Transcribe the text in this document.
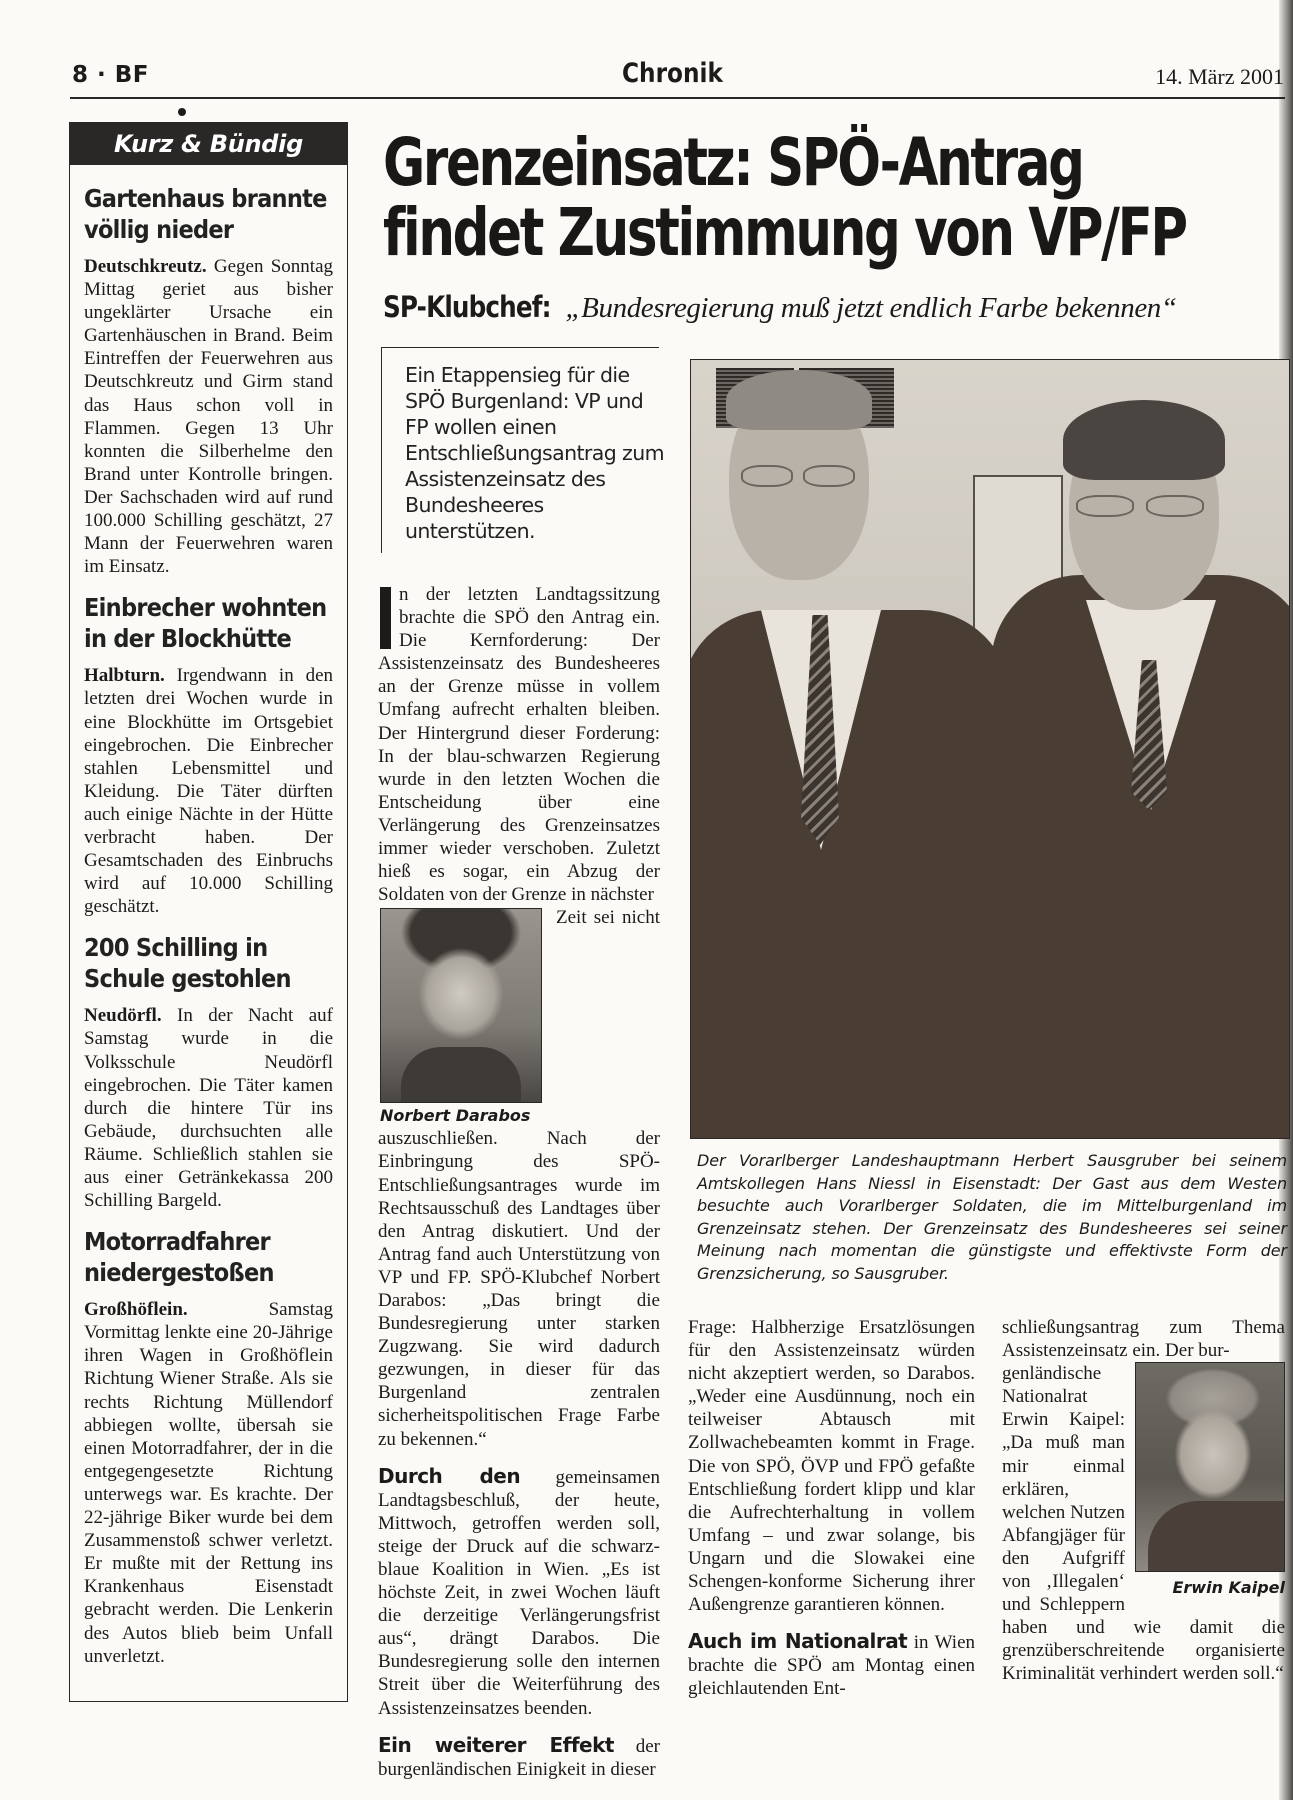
8 · BF	Chronik	14. März 2001
Kurz & Bündig
Gartenhaus brannte völlig nieder

Deutschkreutz. Gegen Sonntag Mittag geriet aus bisher ungeklärter Ursache ein Gartenhäuschen in Brand. Beim Eintreffen der Feuerwehren aus Deutschkreutz und Girm stand das Haus schon voll in Flammen. Gegen 13 Uhr konnten die Silberhelme den Brand unter Kontrolle bringen. Der Sachschaden wird auf rund 100.000 Schilling geschätzt, 27 Mann der Feuerwehren waren im Einsatz.

Einbrecher wohnten in der Blockhütte

Halbturn. Irgendwann in den letzten drei Wochen wurde in eine Blockhütte im Ortsgebiet eingebrochen. Die Einbrecher stahlen Lebensmittel und Kleidung. Die Täter dürften auch einige Nächte in der Hütte verbracht haben. Der Gesamtschaden des Einbruchs wird auf 10.000 Schilling geschätzt.

200 Schilling in Schule gestohlen

Neudörfl. In der Nacht auf Samstag wurde in die Volksschule Neudörfl eingebrochen. Die Täter kamen durch die hintere Tür ins Gebäude, durchsuchten alle Räume. Schließlich stahlen sie aus einer Getränkekassa 200 Schilling Bargeld.

Motorradfahrer niedergestoßen

Großhöflein.	Samstag Vormittag lenkte eine 20-Jährige ihren Wagen in Großhöflein Richtung Wiener Straße. Als sie rechts Richtung Müllendorf abbiegen wollte, übersah sie einen Motorradfahrer, der in die entgegengesetzte Richtung unterwegs war. Es krachte. Der 22-jährige Biker wurde bei dem Zusammenstoß schwer verletzt. Er mußte mit der Rettung ins Krankenhaus Eisenstadt gebracht werden. Die Lenkerin des Autos blieb beim Unfall unverletzt.

Grenzeinsatz: SPÖ-Antrag
findet Zustimmung von VP/FP
SP-Klubchef: „Bundesregierung muß jetzt endlich Farbe bekennen“
Ein Etappensieg für die SPÖ Burgenland: VP und FP wollen einen Entschließungsantrag zum Assistenzeinsatz des Bundesheeres unterstützen.

n der letzten Landtagssitzung brachte die SPÖ den Antrag ein. Die Kernforderung: Der Assistenzeinsatz des Bundesheeres an der Grenze müsse in vollem Umfang aufrecht erhalten bleiben. Der Hintergrund dieser Forderung: In der blau-schwarzen Regierung wurde in den letzten Wochen die Entscheidung über eine Verlängerung des Grenzeinsatzes immer wieder verschoben. Zuletzt hieß es sogar, ein Abzug der Soldaten von der Grenze in nächster

Norbert Darabos

Zeit sei nicht auszuschließen. Nach der Einbringung des SPÖ-Entschließungsantrages wurde im Rechtsausschuß des Landtages über den Antrag diskutiert. Und der Antrag fand auch Unterstützung von VP und FP. SPÖ-Klubchef Norbert Darabos: „Das bringt die Bundesregierung unter starken Zugzwang. Sie wird dadurch gezwungen, in dieser für das Burgenland zentralen sicherheitspolitischen Frage Farbe zu bekennen.“

Durch den gemeinsamen Landtagsbeschluß, der heute, Mittwoch, getroffen werden soll, steige der Druck auf die schwarz-blaue Koalition in Wien. „Es ist höchste Zeit, in zwei Wochen läuft die derzeitige Verlängerungsfrist aus“, drängt Darabos. Die Bundesregierung solle den internen Streit über die Weiterführung des Assistenzeinsatzes beenden.

Ein weiterer Effekt der burgenländischen Einigkeit in dieser

Der Vorarlberger Landeshauptmann Herbert Sausgruber bei seinem Amtskollegen Hans Niessl in Eisenstadt: Der Gast aus dem Westen besuchte auch Vorarlberger Soldaten, die im Mittelburgenland im Grenzeinsatz stehen. Der Grenzeinsatz des Bundesheeres sei seiner Meinung nach momentan die günstigste und effektivste Form der Grenzsicherung, so Sausgruber.

Frage: Halbherzige Ersatzlösungen für den Assistenzeinsatz würden nicht akzeptiert werden, so Darabos. „Weder eine Ausdünnung, noch ein teilweiser Abtausch mit Zollwachebeamten kommt in Frage. Die von SPÖ, ÖVP und FPÖ gefaßte Entschließung fordert klipp und klar die Aufrechterhaltung in vollem Umfang – und zwar solange, bis Ungarn und die Slowakei eine Schengen-konforme Sicherung ihrer Außengrenze garantieren können.

Auch im Nationalrat in Wien brachte die SPÖ am Montag einen gleichlautenden Ent-

schließungsantrag zum Thema Assistenzeinsatz ein. Der bur-

Erwin Kaipel

genländische Nationalrat Erwin Kaipel: „Da muß man mir einmal erklären, welchen Nutzen Abfangjäger für den Aufgriff von ‚Illegalen‘ und Schleppern haben und wie damit die grenzüberschreitende organisierte Kriminalität verhindert werden soll.“
